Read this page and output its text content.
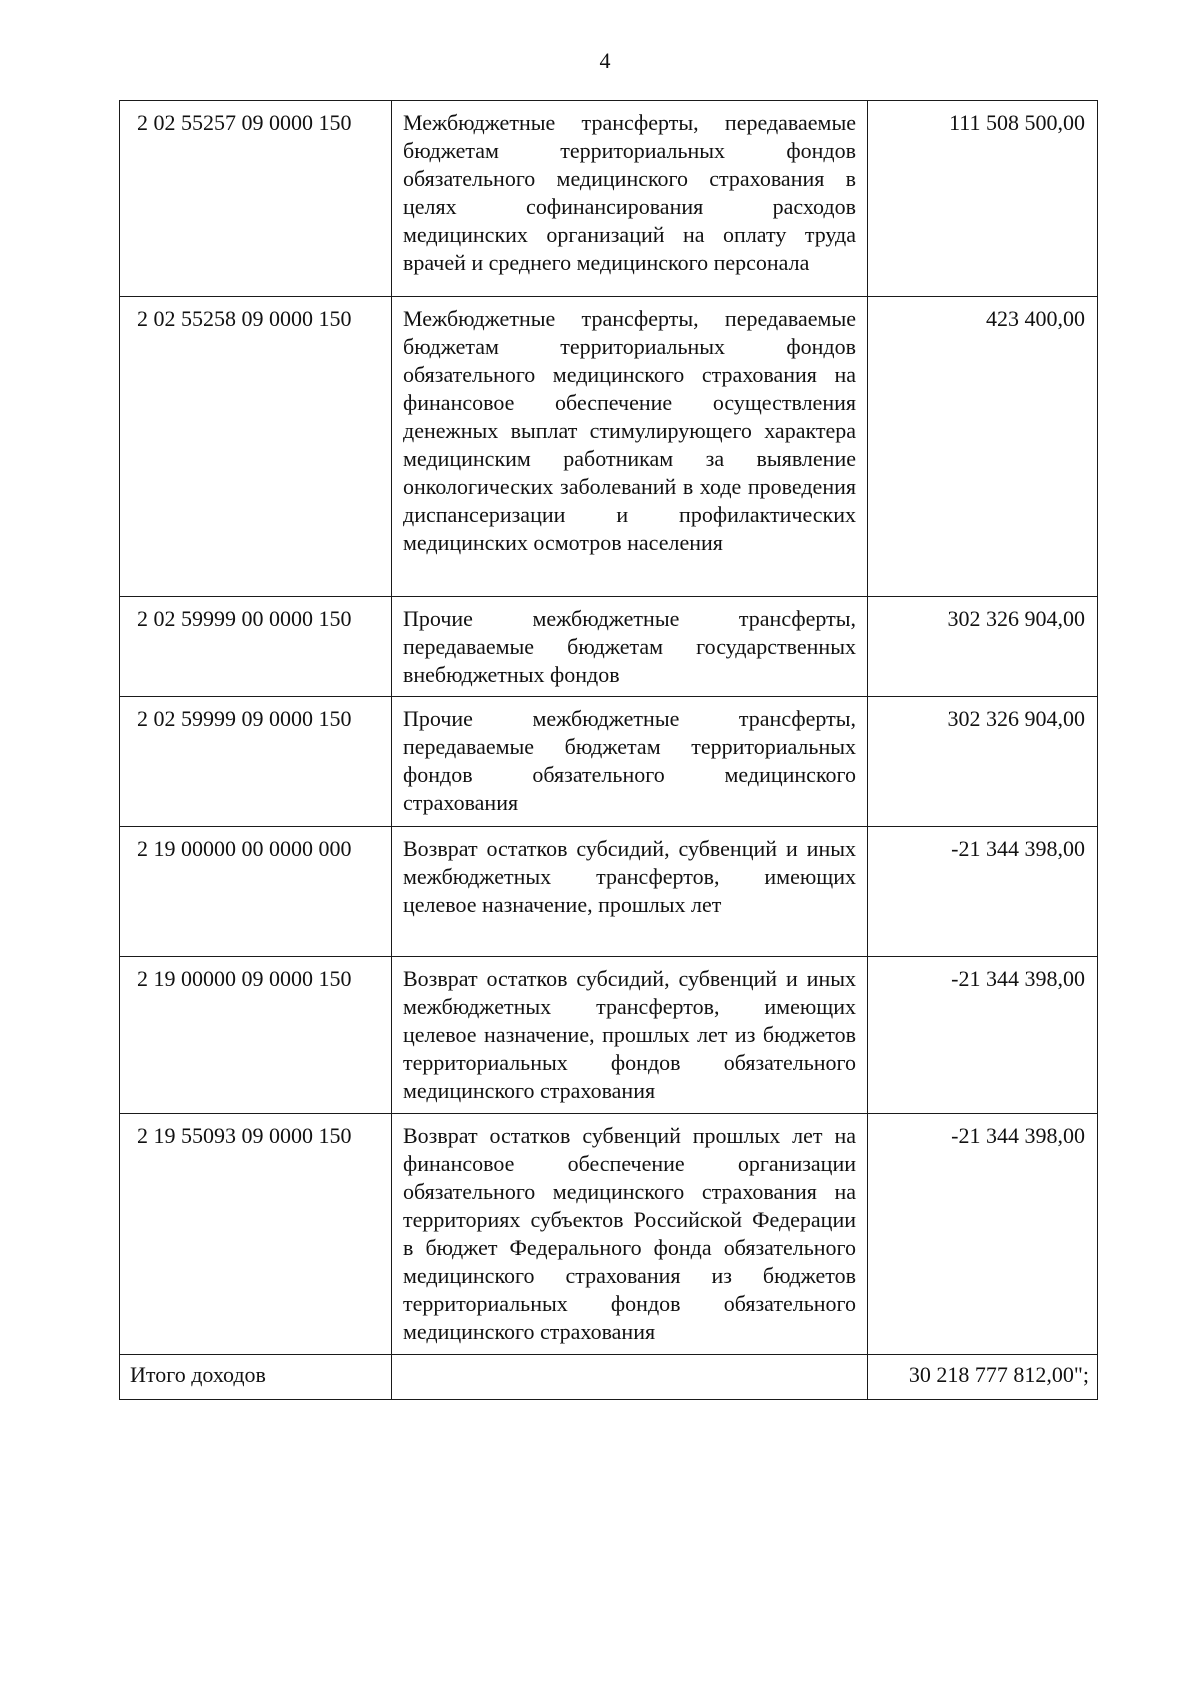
4
2 02 55257 09 0000 150	Межбюджетные трансферты, передаваемые бюджетам территориальных фондов обязательного медицинского страхования в целях софинансирования расходов медицинских организаций на оплату труда врачей и среднего медицинского персонала	111 508 500,00
2 02 55258 09 0000 150	Межбюджетные трансферты, передаваемые бюджетам территориальных фондов обязательного медицинского страхования на финансовое обеспечение осуществления денежных выплат стимулирующего характера медицинским работникам за выявление онкологических заболеваний в ходе проведения диспансеризации и профилактических медицинских осмотров населения	423 400,00
2 02 59999 00 0000 150	Прочие межбюджетные трансферты, передаваемые бюджетам государственных внебюджетных фондов	302 326 904,00
2 02 59999 09 0000 150	Прочие межбюджетные трансферты, передаваемые бюджетам территориальных фондов обязательного медицинского страхования	302 326 904,00
2 19 00000 00 0000 000	Возврат остатков субсидий, субвенций и иных межбюджетных трансфертов, имеющих целевое назначение, прошлых лет	-21 344 398,00
2 19 00000 09 0000 150	Возврат остатков субсидий, субвенций и иных межбюджетных трансфертов, имеющих целевое назначение, прошлых лет из бюджетов территориальных фондов обязательного медицинского страхования	-21 344 398,00
2 19 55093 09 0000 150	Возврат остатков субвенций прошлых лет на финансовое обеспечение организации обязательного медицинского страхования на территориях субъектов Российской Федерации в бюджет Федерального фонда обязательного медицинского страхования из бюджетов территориальных фондов обязательного медицинского страхования	-21 344 398,00
Итого доходов		30 218 777 812,00";
